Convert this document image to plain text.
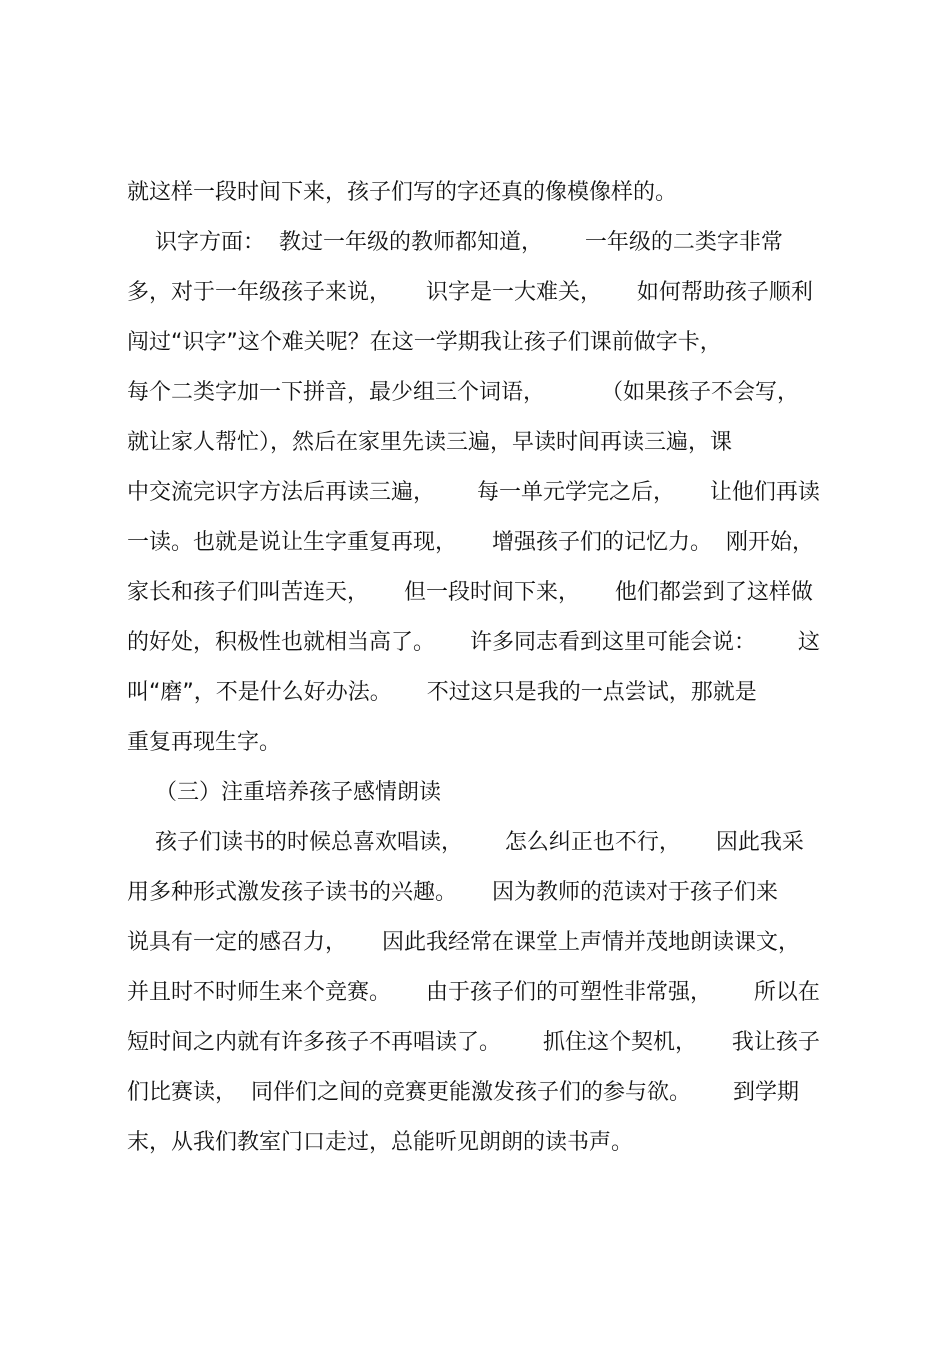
就这样一段时间下来，孩子们写的字还真的像模像样的。
识字方面：  教过一年级的教师都知道，      一年级的二类字非常
多，对于一年级孩子来说，     识字是一大难关，     如何帮助孩子顺利
闯过“识字”这个难关呢？在这一学期我让孩子们课前做字卡，
每个二类字加一下拼音，最少组三个词语，        （如果孩子不会写，
就让家人帮忙），然后在家里先读三遍，早读时间再读三遍，课
中交流完识字方法后再读三遍，      每一单元学完之后，     让他们再读
一读。也就是说让生字重复再现，     增强孩子们的记忆力。  刚开始，
家长和孩子们叫苦连天，     但一段时间下来，     他们都尝到了这样做
的好处，积极性也就相当高了。     许多同志看到这里可能会说：      这
叫“磨”，不是什么好办法。     不过这只是我的一点尝试，那就是
重复再现生字。
（三）注重培养孩子感情朗读
孩子们读书的时候总喜欢唱读，      怎么纠正也不行，     因此我采
用多种形式激发孩子读书的兴趣。     因为教师的范读对于孩子们来
说具有一定的感召力，     因此我经常在课堂上声情并茂地朗读课文，
并且时不时师生来个竞赛。     由于孩子们的可塑性非常强，      所以在
短时间之内就有许多孩子不再唱读了。      抓住这个契机，     我让孩子
们比赛读，  同伴们之间的竞赛更能激发孩子们的参与欲。      到学期
末，从我们教室门口走过，总能听见朗朗的读书声。
